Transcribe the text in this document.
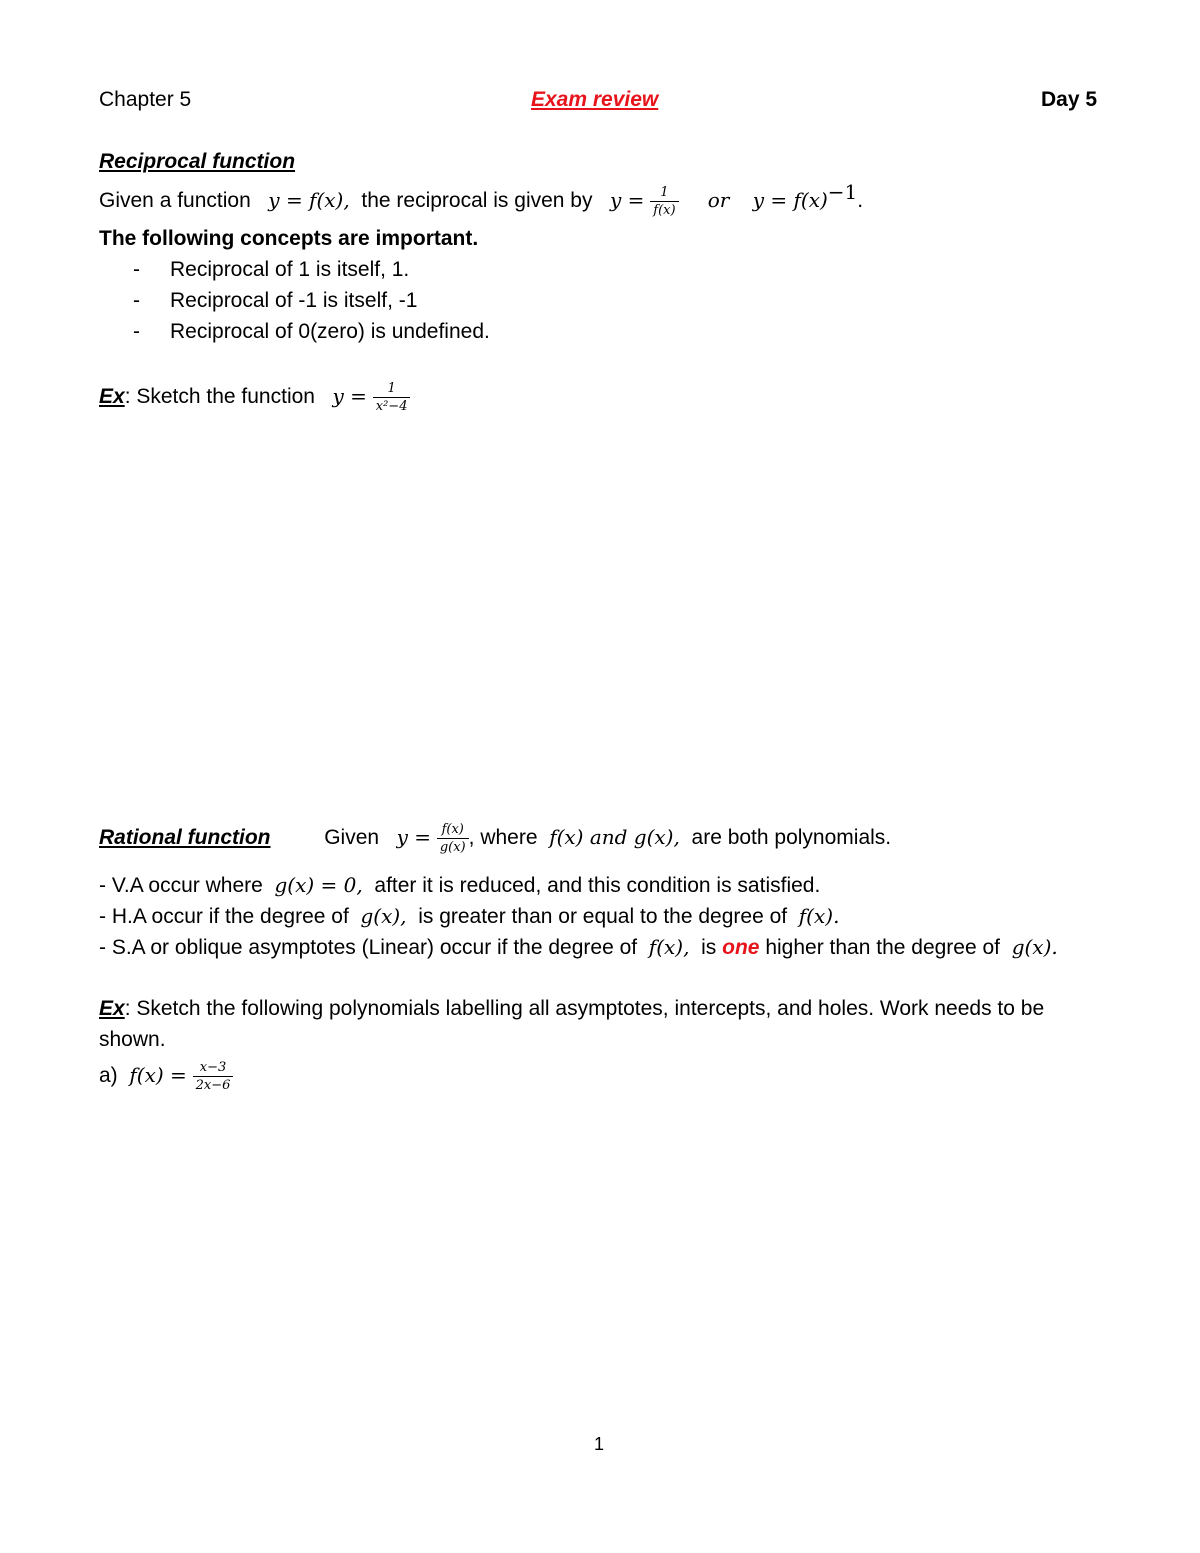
Chapter 5	Exam review	Day 5
Reciprocal function
Given a function y = f(x), the reciprocal is given by $y = \frac{1}{f(x)}$ or $y = f(x)^{-1}$.
The following concepts are important.
- Reciprocal of 1 is itself, 1.
- Reciprocal of -1 is itself, -1
- Reciprocal of 0(zero) is undefined.
Ex: Sketch the function $y = \frac{1}{\text{x²−4}}$
Rational function	Given $y = \frac{f(x)}{g(x)}$ , where f(x) and g(x), are both polynomials.
- V.A occur where g(x) = 0, after it is reduced, and this condition is satisfied.
- H.A occur if the degree of g(x), is greater than or equal to the degree of f(x).
- S.A or oblique asymptotes (Linear) occur if the degree of f(x), is one higher than the degree of g(x).
Ex: Sketch the following polynomials labelling all asymptotes, intercepts, and holes. Work needs to be
shown.
a) $f(x) = \frac{x-3}{2x-6}$
1
